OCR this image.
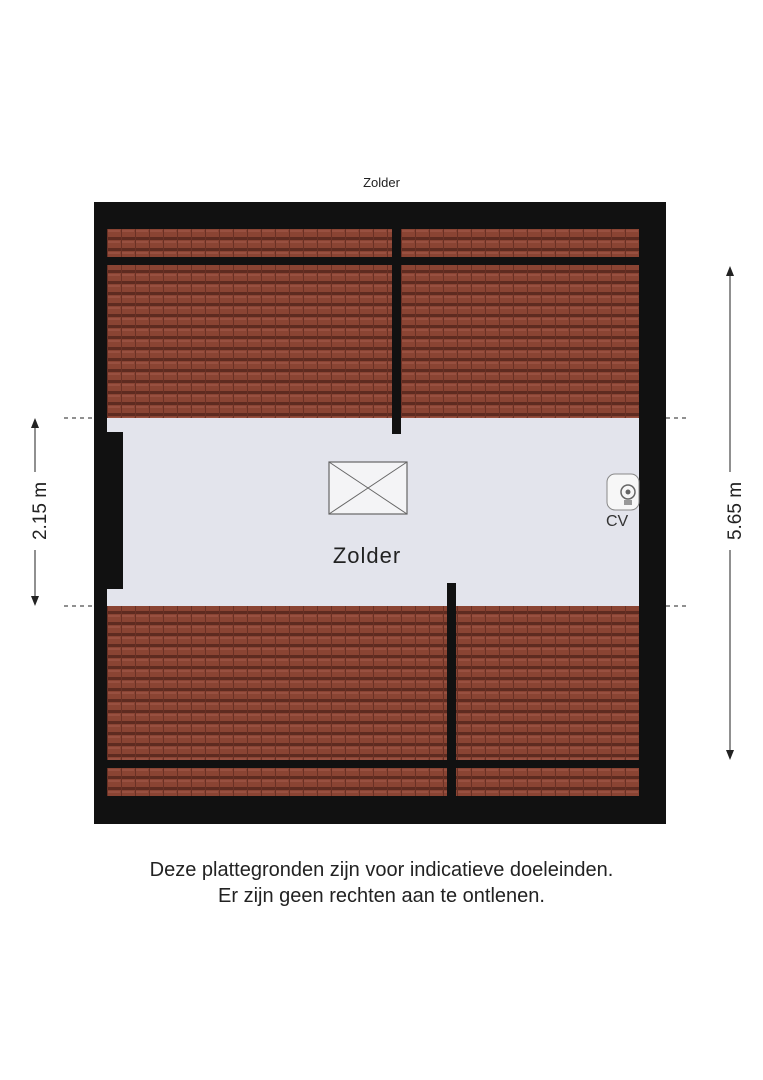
Zolder
2.15 m	5.65 m
Zolder
CV
Deze plattegronden zijn voor indicatieve doeleinden.
Er zijn geen rechten aan te ontlenen.
